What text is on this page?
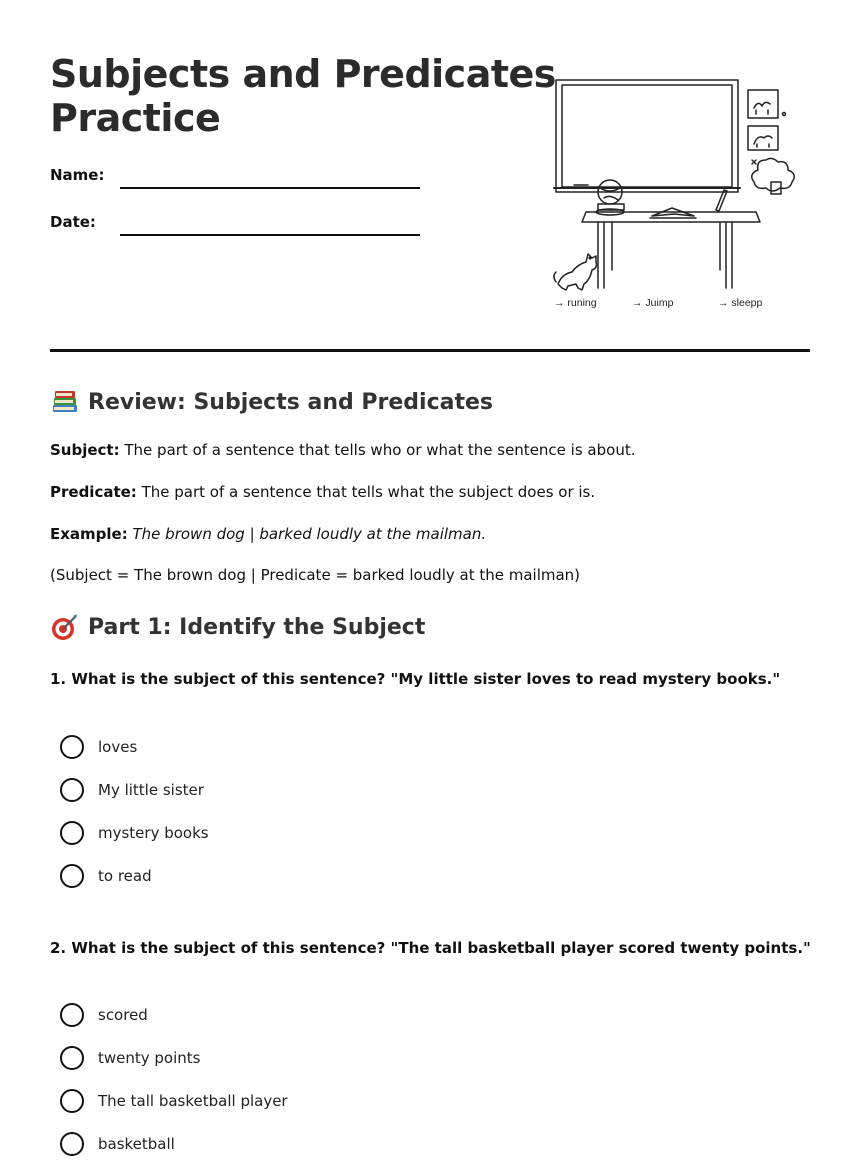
Subjects and Predicates
Practice
Name:
Date:
→ runing	→ Juimp	→ sleepp
Review: Subjects and Predicates
Subject: The part of a sentence that tells who or what the sentence is about.
Predicate: The part of a sentence that tells what the subject does or is.
Example: The brown dog | barked loudly at the mailman.
(Subject = The brown dog | Predicate = barked loudly at the mailman)
Part 1: Identify the Subject
1. What is the subject of this sentence? "My little sister loves to read mystery books."
loves
My little sister
mystery books
to read
2. What is the subject of this sentence? "The tall basketball player scored twenty points."
scored
twenty points
The tall basketball player
basketball
